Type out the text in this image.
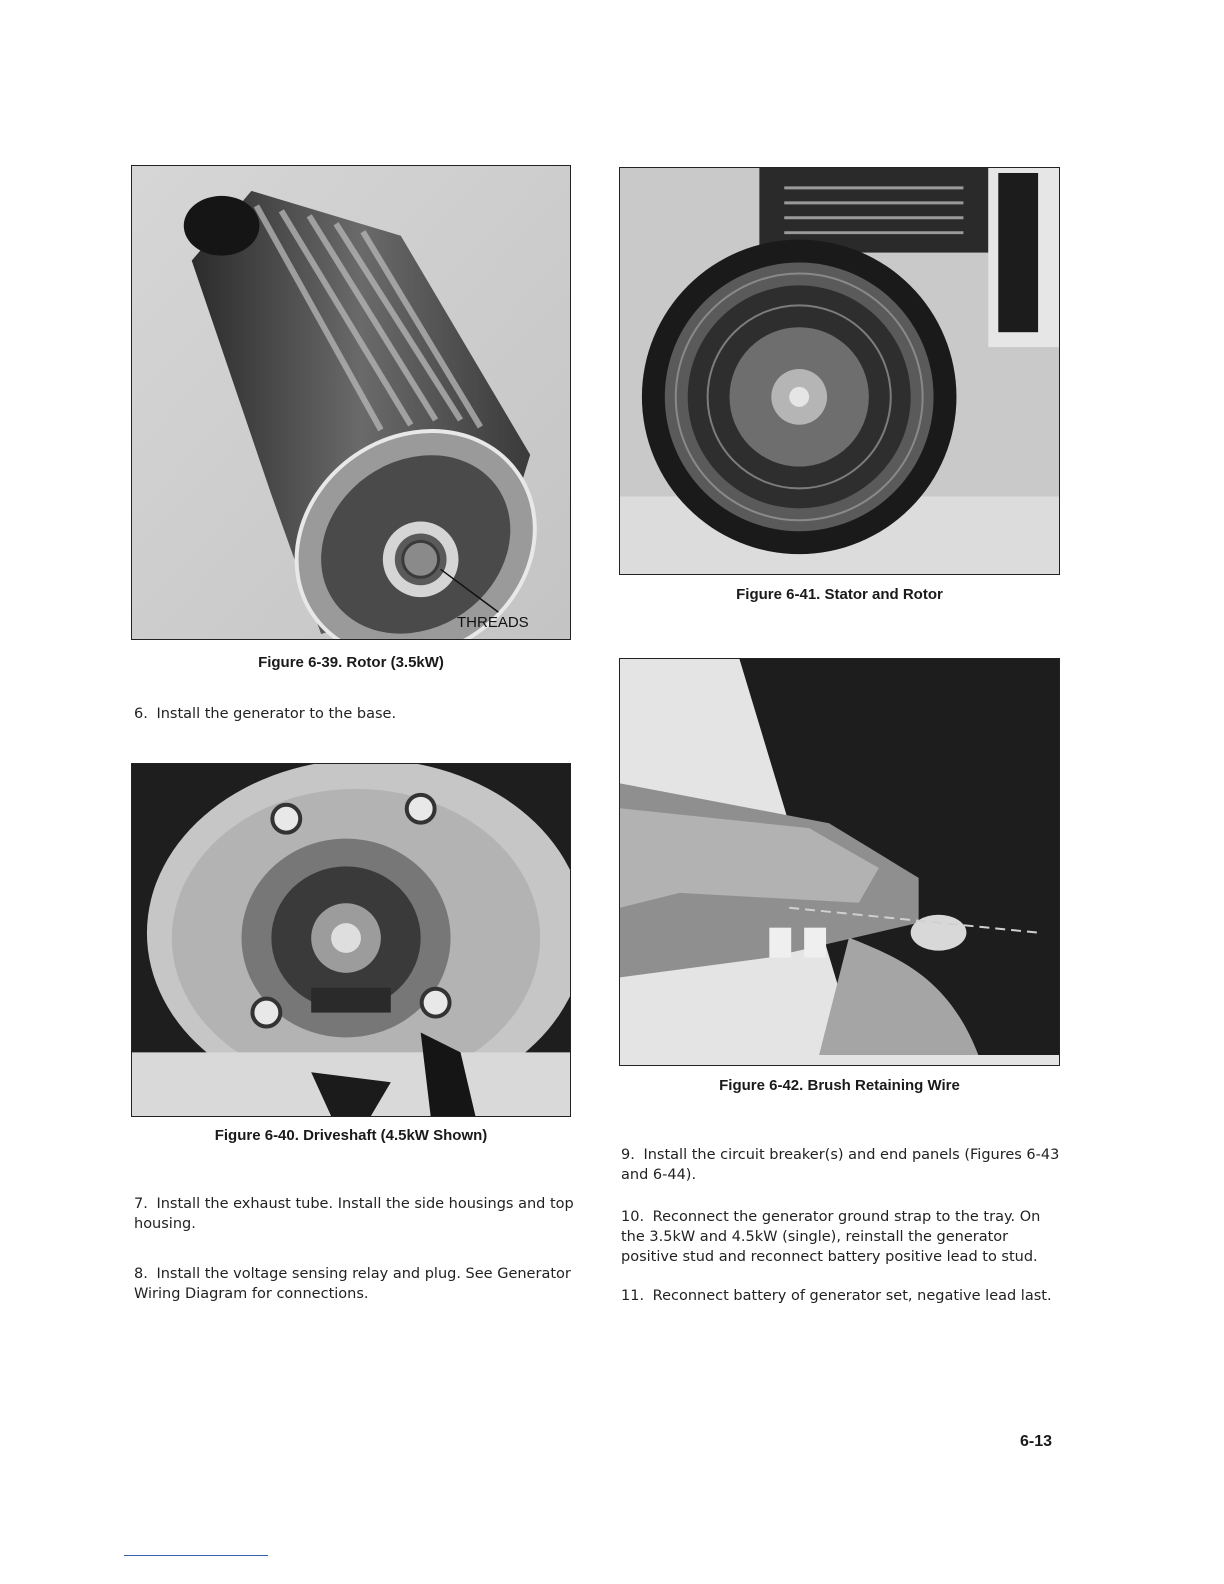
THREADS
Figure 6-39. Rotor (3.5kW)
Figure 6-41. Stator and Rotor
6. Install the generator to the base.
Figure 6-42. Brush Retaining Wire
Figure 6-40. Driveshaft (4.5kW Shown)
7. Install the exhaust tube. Install the side housings and top housing.
8. Install the voltage sensing relay and plug. See Generator Wiring Diagram for connections.
9. Install the circuit breaker(s) and end panels (Figures 6-43 and 6-44).
10. Reconnect the generator ground strap to the tray. On the 3.5kW and 4.5kW (single), reinstall the generator positive stud and reconnect battery positive lead to stud.
11. Reconnect battery of generator set, negative lead last.
6-13
